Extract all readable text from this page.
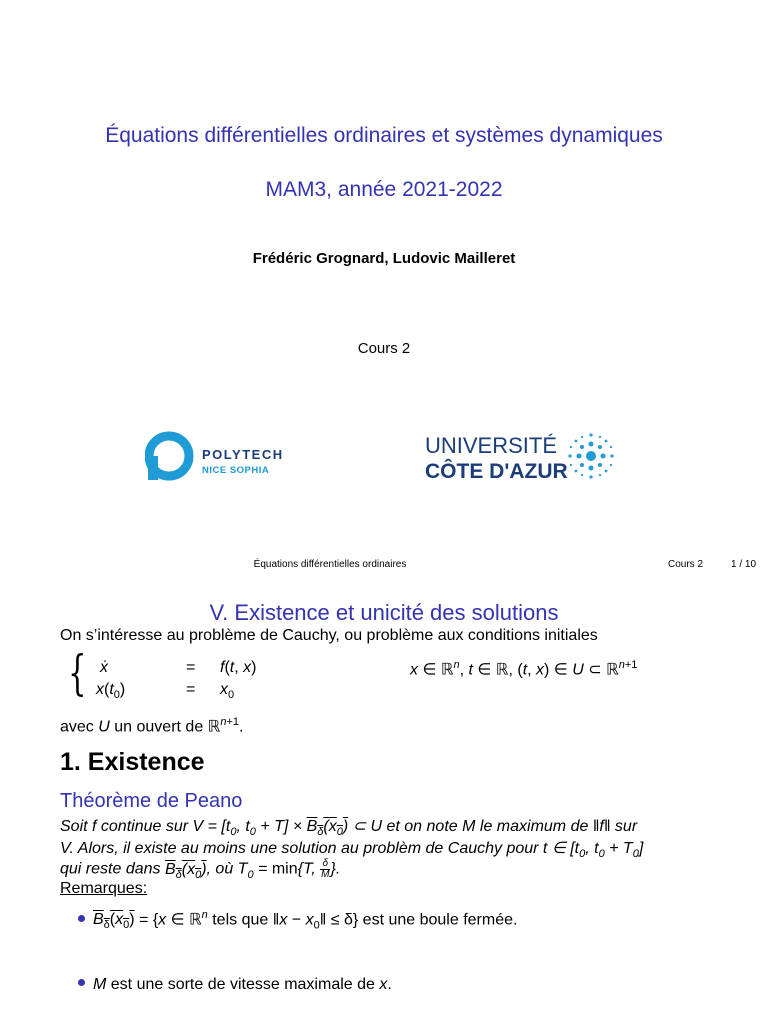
Équations différentielles ordinaires et systèmes dynamiques
MAM3, année 2021-2022
Frédéric Grognard, Ludovic Mailleret
Cours 2
POLYTECH
NICE SOPHIA
UNIVERSITÉ
CÔTE D'AZUR
Équations différentielles ordinaires	Cours 2	1 / 10
V. Existence et unicité des solutions
On s’intéresse au problème de Cauchy, ou problème aux conditions initiales
{ ẋ	= f(t, x)	x ∈ ℝ$^n$, t ∈ ℝ, (t, x) ∈ U ⊂ ℝ$^{n+1}$
$x(t_0)$	= $x_0$
avec U un ouvert de ℝ$^{n+1}$.
1. Existence
Théorème de Peano
Soit f continue sur $V = [t_0$, $t_0 + T] \times B_\delta(x_0)$ ⊂ U et on note M le maximum de ‖f‖ sur
V. Alors, il existe au moins une solution au problèm de Cauchy pour t ∈ [$t_0$, $t_0 + T_0$]
qui reste dans $B_\delta(x_0)$, où $T_0 = \min\{T$, $\frac{\delta}{M}$ }.
Remarques:
$B_\delta(x_0) = \{x$ ∈ ℝ$^n$ tels que ‖x − $x_0‖ \le \delta$} est une boule fermée.
M est une sorte de vitesse maximale de x.
